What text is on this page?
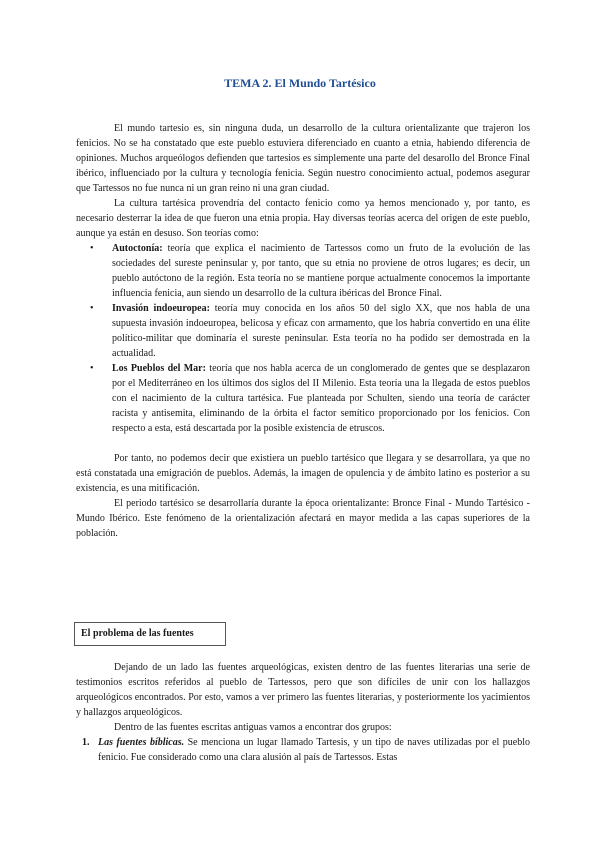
TEMA 2. El Mundo Tartésico

El mundo tartesio es, sin ninguna duda, un desarrollo de la cultura orientalizante que trajeron los fenicios. No se ha constatado que este pueblo estuviera diferenciado en cuanto a etnia, habiendo diferencia de opiniones. Muchos arqueólogos defienden que tartesios es simplemente una parte del desarollo del Bronce Final ibérico, influenciado por la cultura y tecnología fenicia. Según nuestro conocimiento actual, podemos asegurar que Tartessos no fue nunca ni un gran reino ni una gran ciudad.

La cultura tartésica provendría del contacto fenicio como ya hemos mencionado y, por tanto, es necesario desterrar la idea de que fueron una etnia propia. Hay diversas teorías acerca del origen de este pueblo, aunque ya están en desuso. Son teorías como:

• Autoctonía: teoría que explica el nacimiento de Tartessos como un fruto de la evolución de las sociedades del sureste peninsular y, por tanto, que su etnia no proviene de otros lugares; es decir, un pueblo autóctono de la región. Esta teoría no se mantiene porque actualmente conocemos la importante influencia fenicia, aun siendo un desarrollo de la cultura ibéricas del Bronce Final.
• Invasión indoeuropea: teoría muy conocida en los años 50 del siglo XX, que nos habla de una supuesta invasión indoeuropea, belicosa y eficaz con armamento, que los habría convertido en una élite político-militar que dominaría el sureste peninsular. Esta teoría no ha podido ser demostrada en la actualidad.
• Los Pueblos del Mar: teoría que nos habla acerca de un conglomerado de gentes que se desplazaron por el Mediterráneo en los últimos dos siglos del II Milenio. Esta teoría una la llegada de estos pueblos con el nacimiento de la cultura tartésica. Fue planteada por Schulten, siendo una teoría de carácter racista y antisemita, eliminando de la órbita el factor semítico proporcionado por los fenicios. Con respecto a esta, está descartada por la posible existencia de etruscos.

Por tanto, no podemos decir que existiera un pueblo tartésico que llegara y se desarrollara, ya que no está constatada una emigración de pueblos. Además, la imagen de opulencia y de ámbito latino es posterior a su existencia, es una mitificación.

El periodo tartésico se desarrollaría durante la época orientalizante: Bronce Final - Mundo Tartésico - Mundo Ibérico. Este fenómeno de la orientalización afectará en mayor medida a las capas superiores de la población.

El problema de las fuentes

Dejando de un lado las fuentes arqueológicas, existen dentro de las fuentes literarias una serie de testimonios escritos referidos al pueblo de Tartessos, pero que son difíciles de unir con los hallazgos arqueológicos encontrados. Por esto, vamos a ver primero las fuentes literarias, y posteriormente los yacimientos y hallazgos arqueológicos.

Dentro de las fuentes escritas antiguas vamos a encontrar dos grupos:

1. Las fuentes bíblicas. Se menciona un lugar llamado Tartesis, y un tipo de naves utilizadas por el pueblo fenicio. Fue considerado como una clara alusión al país de Tartessos. Estas
